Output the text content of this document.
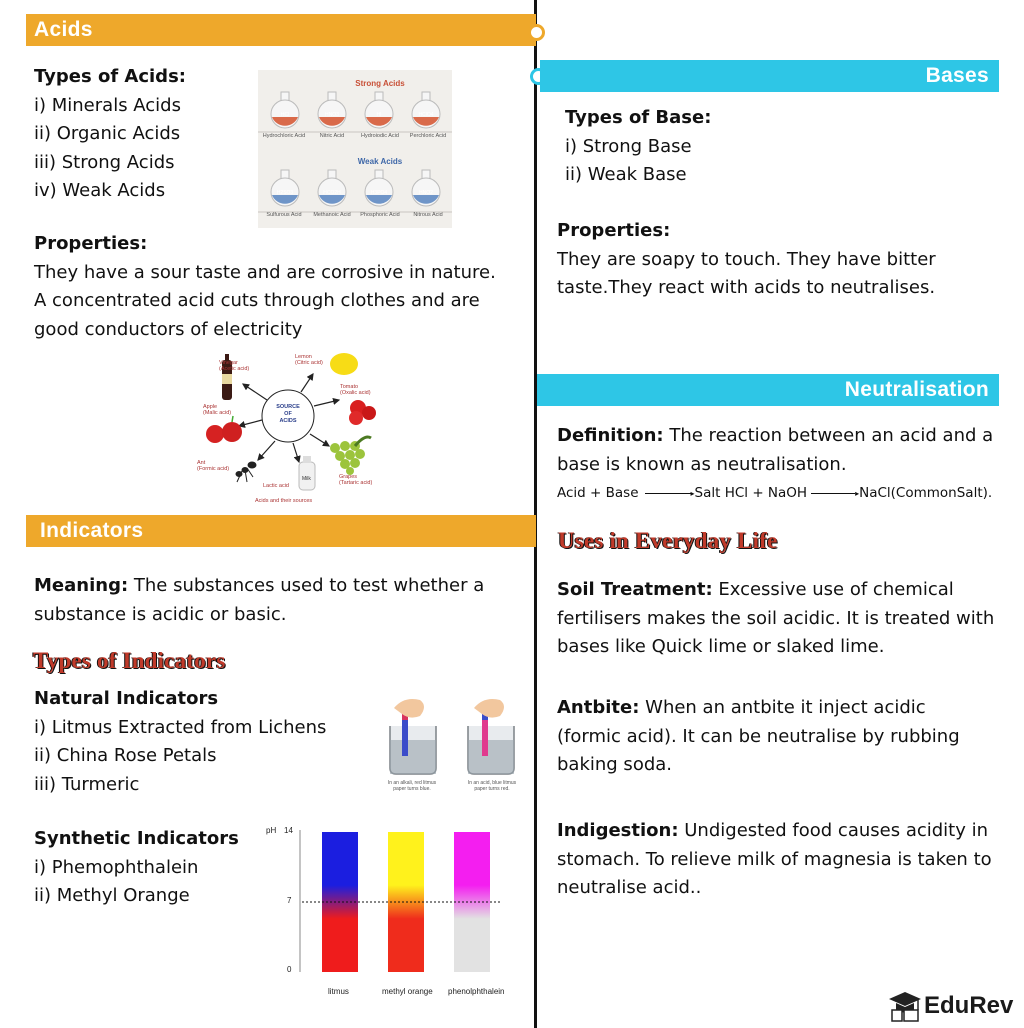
Acids
Types of Acids:
i) Minerals Acids
ii) Organic Acids
iii) Strong Acids
iv) Weak Acids
HCl	HNO3	HI	HClO4
H2SO3	HCO2H	H3PO4	HNO2
Strong Acids
Weak Acids
Hydrochloric Acid	Nitric Acid	Hydroiodic Acid	Perchloric Acid
Sulfurous Acid	Methanoic Acid	Phosphoric Acid	Nitrous Acid
Properties:
They have a sour taste and are corrosive in nature.
A concentrated acid cuts through clothes and are
good conductors of electricity
SOURCE
OF
ACIDS
Vinegar
(Acetic acid)
Lemon
(Citric acid)
Tomato
(Oxalic acid)
Grapes
(Tartaric acid)
Lactic acid
Ant
(Formic acid)
Apple
(Malic acid)
Milk
Acids and their sources
Indicators
Meaning: The substances used to test whether a
substance is acidic or basic.
Types of Indicators
Natural Indicators
i) Litmus Extracted from Lichens
ii) China Rose Petals
iii) Turmeric
Synthetic Indicators
i) Phemophthalein
ii) Methyl Orange
In an alkali, red litmus paper turns blue.
In an acid, blue litmus paper turns red.
pH 14
7
0
litmus	methyl orange phenolphthalein
Bases
Types of Base:
i) Strong Base
ii) Weak Base
Properties:
They are soapy to touch. They have bitter
taste.They react with acids to neutralises.
Neutralisation
Definition: The reaction between an acid and a
base is known as neutralisation.
Acid + Base	▸ Salt HCl + NaOH	▸ NaCl(CommonSalt).
Uses in Everyday Life
Soil Treatment: Excessive use of chemical
fertilisers makes the soil acidic. It is treated with
bases like Quick lime or slaked lime.
Antbite: When an antbite it inject acidic
(formic acid). It can be neutralise by rubbing
baking soda.
Indigestion: Undigested food causes acidity in
stomach. To relieve milk of magnesia is taken to
neutralise acid..
EduRev
